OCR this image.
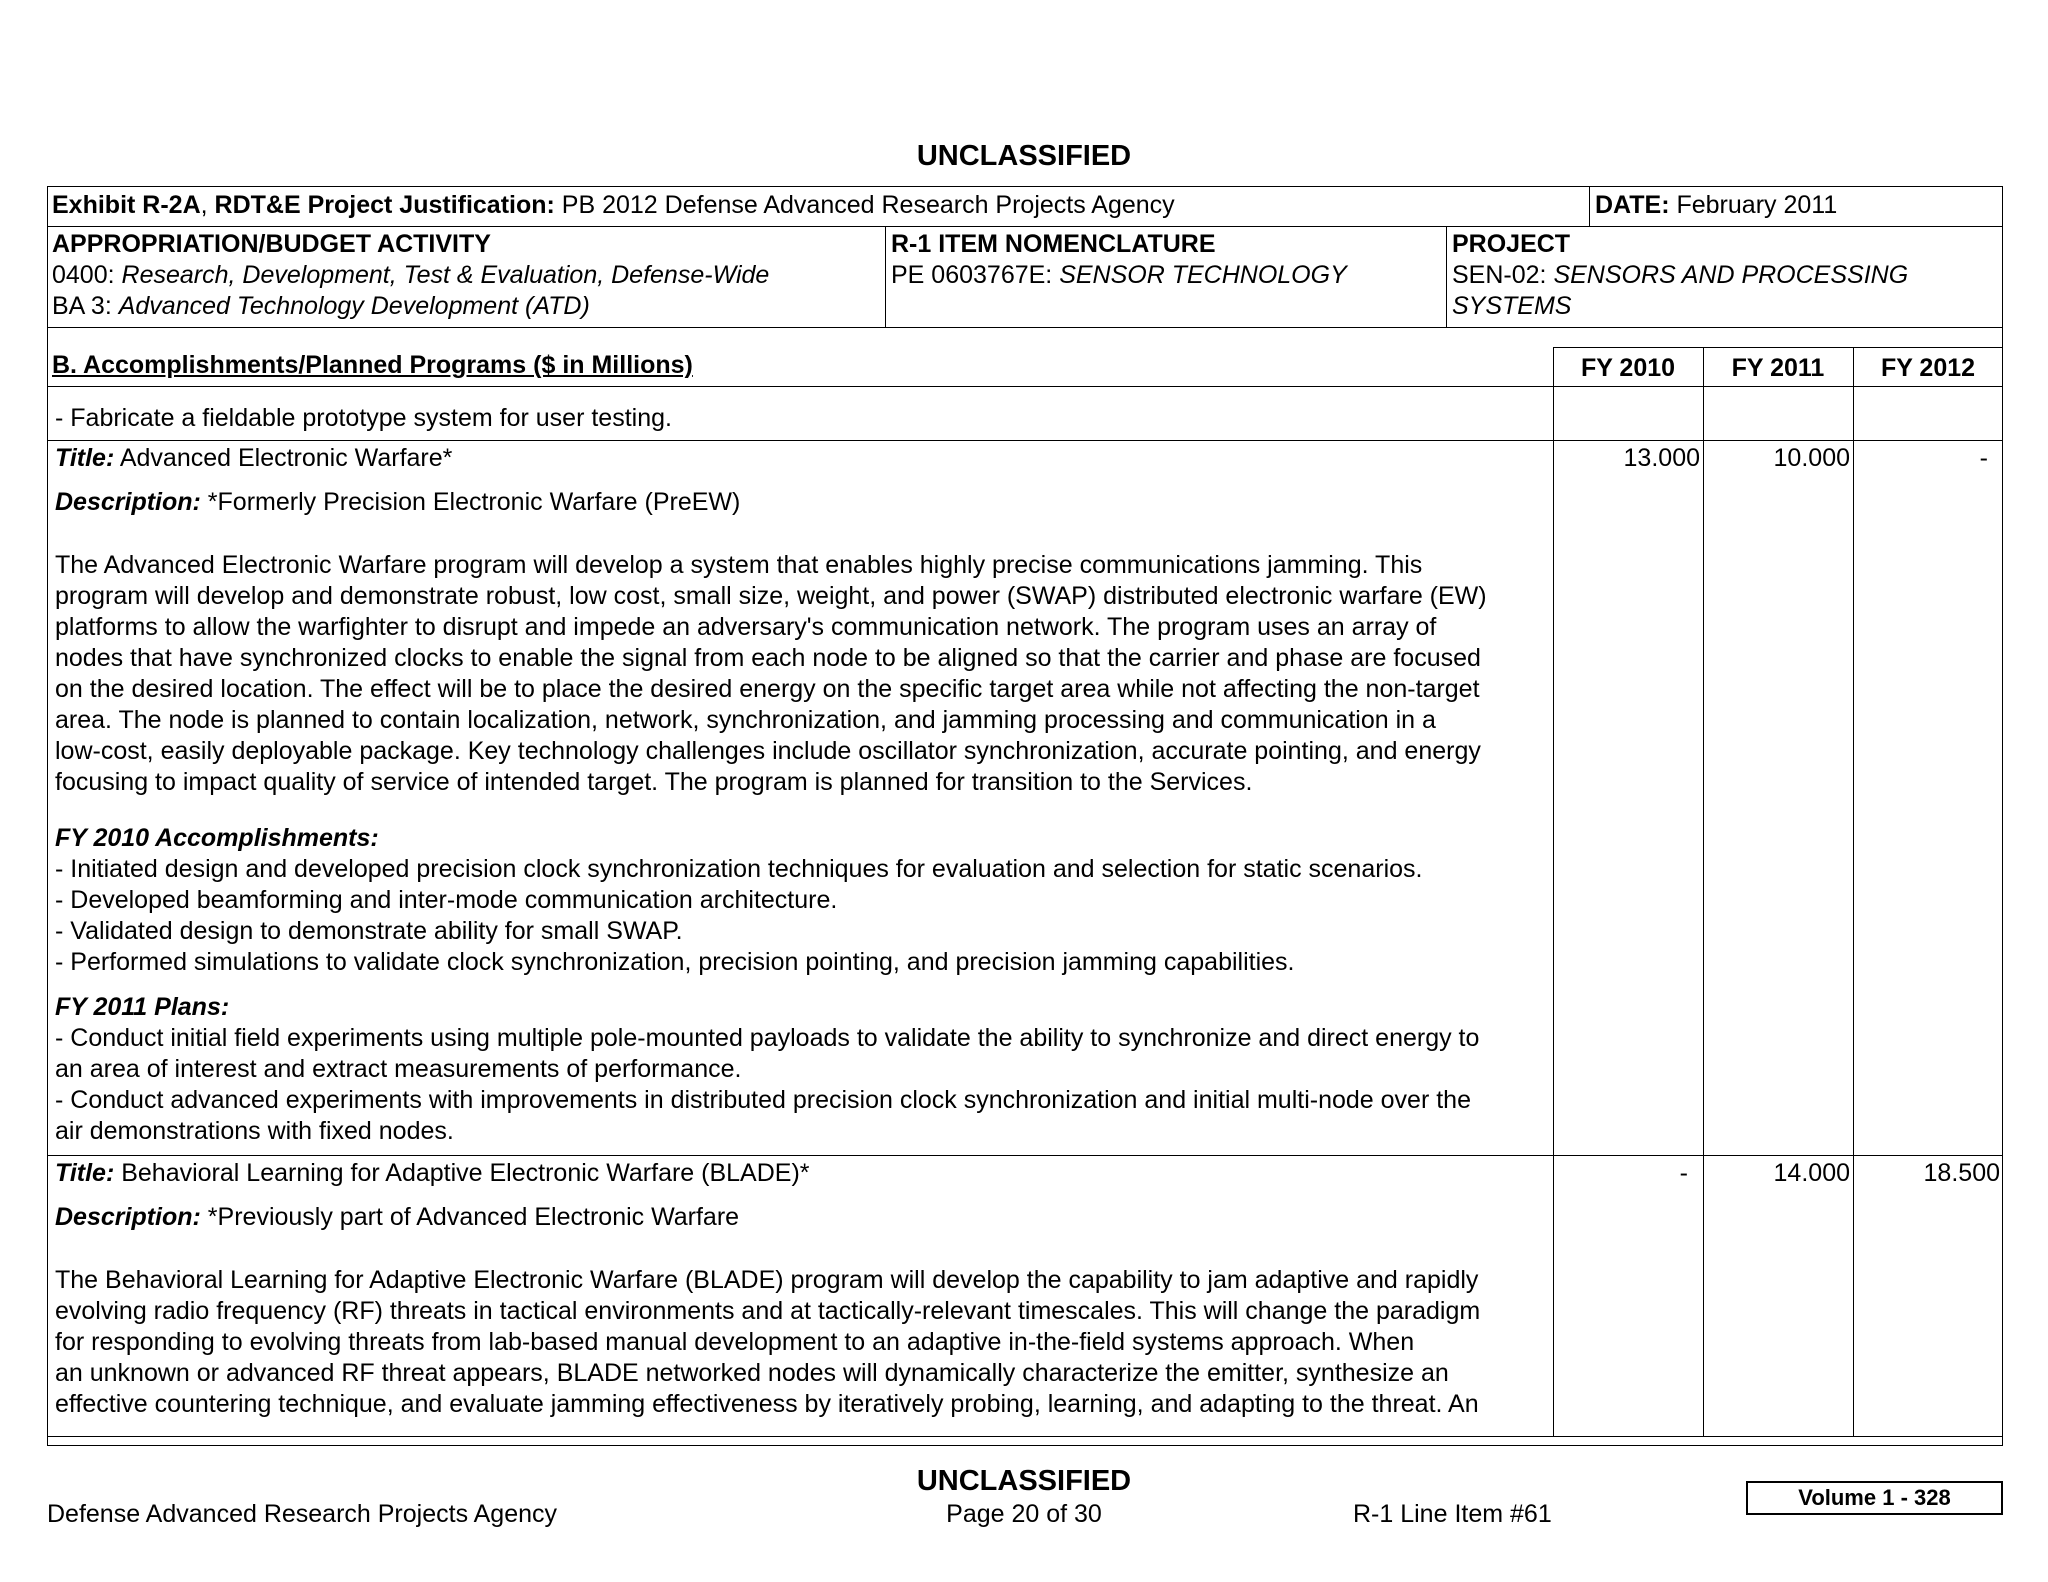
UNCLASSIFIED
Exhibit R-2A, RDT&E Project Justification: PB 2012 Defense Advanced Research Projects Agency	DATE: February 2011
APPROPRIATION/BUDGET ACTIVITY
0400: Research, Development, Test & Evaluation, Defense-Wide
BA 3: Advanced Technology Development (ATD)
R-1 ITEM NOMENCLATURE
PE 0603767E: SENSOR TECHNOLOGY
PROJECT
SEN-02: SENSORS AND PROCESSING
SYSTEMS
B. Accomplishments/Planned Programs ($ in Millions)	FY 2010	FY 2011	FY 2012
- Fabricate a fieldable prototype system for user testing.
Title: Advanced Electronic Warfare*	13.000	10.000	-
Description: *Formerly Precision Electronic Warfare (PreEW)
The Advanced Electronic Warfare program will develop a system that enables highly precise communications jamming. This
program will develop and demonstrate robust, low cost, small size, weight, and power (SWAP) distributed electronic warfare (EW)
platforms to allow the warfighter to disrupt and impede an adversary's communication network. The program uses an array of
nodes that have synchronized clocks to enable the signal from each node to be aligned so that the carrier and phase are focused
on the desired location. The effect will be to place the desired energy on the specific target area while not affecting the non-target
area. The node is planned to contain localization, network, synchronization, and jamming processing and communication in a
low-cost, easily deployable package. Key technology challenges include oscillator synchronization, accurate pointing, and energy
focusing to impact quality of service of intended target. The program is planned for transition to the Services.
FY 2010 Accomplishments:
- Initiated design and developed precision clock synchronization techniques for evaluation and selection for static scenarios.
- Developed beamforming and inter-mode communication architecture.
- Validated design to demonstrate ability for small SWAP.
- Performed simulations to validate clock synchronization, precision pointing, and precision jamming capabilities.
FY 2011 Plans:
- Conduct initial field experiments using multiple pole-mounted payloads to validate the ability to synchronize and direct energy to
an area of interest and extract measurements of performance.
- Conduct advanced experiments with improvements in distributed precision clock synchronization and initial multi-node over the
air demonstrations with fixed nodes.
Title: Behavioral Learning for Adaptive Electronic Warfare (BLADE)*	-	14.000	18.500
Description: *Previously part of Advanced Electronic Warfare
The Behavioral Learning for Adaptive Electronic Warfare (BLADE) program will develop the capability to jam adaptive and rapidly
evolving radio frequency (RF) threats in tactical environments and at tactically-relevant timescales. This will change the paradigm
for responding to evolving threats from lab-based manual development to an adaptive in-the-field systems approach. When
an unknown or advanced RF threat appears, BLADE networked nodes will dynamically characterize the emitter, synthesize an
effective countering technique, and evaluate jamming effectiveness by iteratively probing, learning, and adapting to the threat. An
UNCLASSIFIED
Defense Advanced Research Projects Agency	Page 20 of 30	R-1 Line Item #61
Volume 1 - 328
